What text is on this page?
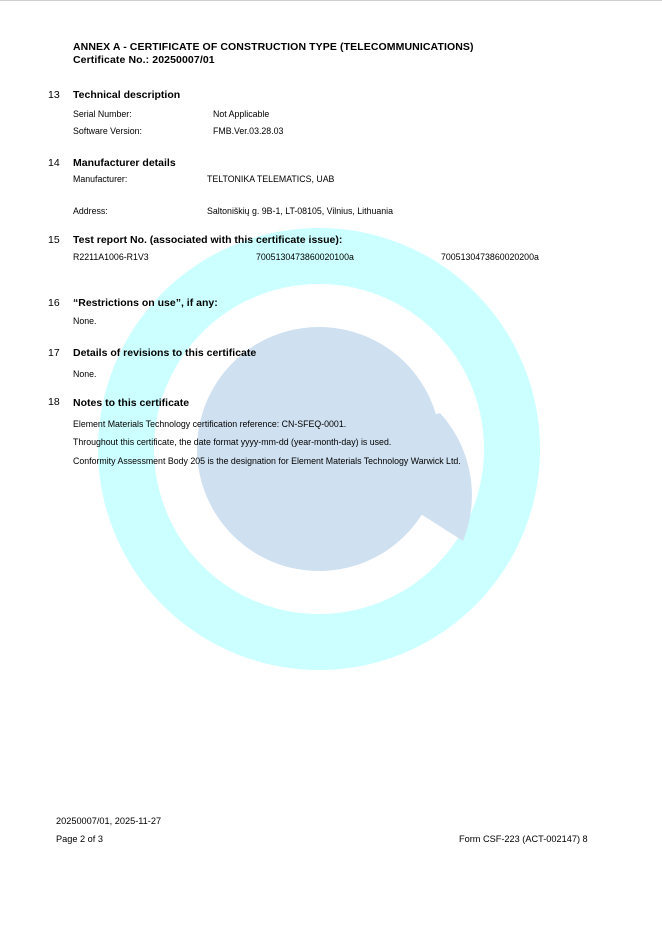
ANNEX A - CERTIFICATE OF CONSTRUCTION TYPE (TELECOMMUNICATIONS)
Certificate No.: 20250007/01
13 Technical description
Serial Number:	Not Applicable
Software Version:	FMB.Ver.03.28.03
14 Manufacturer details
Manufacturer:	TELTONIKA TELEMATICS, UAB
Address:	Saltoniškių g. 9B-1, LT-08105, Vilnius, Lithuania
15 Test report No. (associated with this certificate issue):
R2211A1006-R1V3	7005130473860020100a	7005130473860020200a
16 “Restrictions on use”, if any:
None.
17 Details of revisions to this certificate
None.
18 Notes to this certificate
Element Materials Technology certification reference: CN-SFEQ-0001.
Throughout this certificate, the date format yyyy-mm-dd (year-month-day) is used.
Conformity Assessment Body 205 is the designation for Element Materials Technology Warwick Ltd.
20250007/01, 2025-11-27
Page 2 of 3	Form CSF-223 (ACT-002147) 8
